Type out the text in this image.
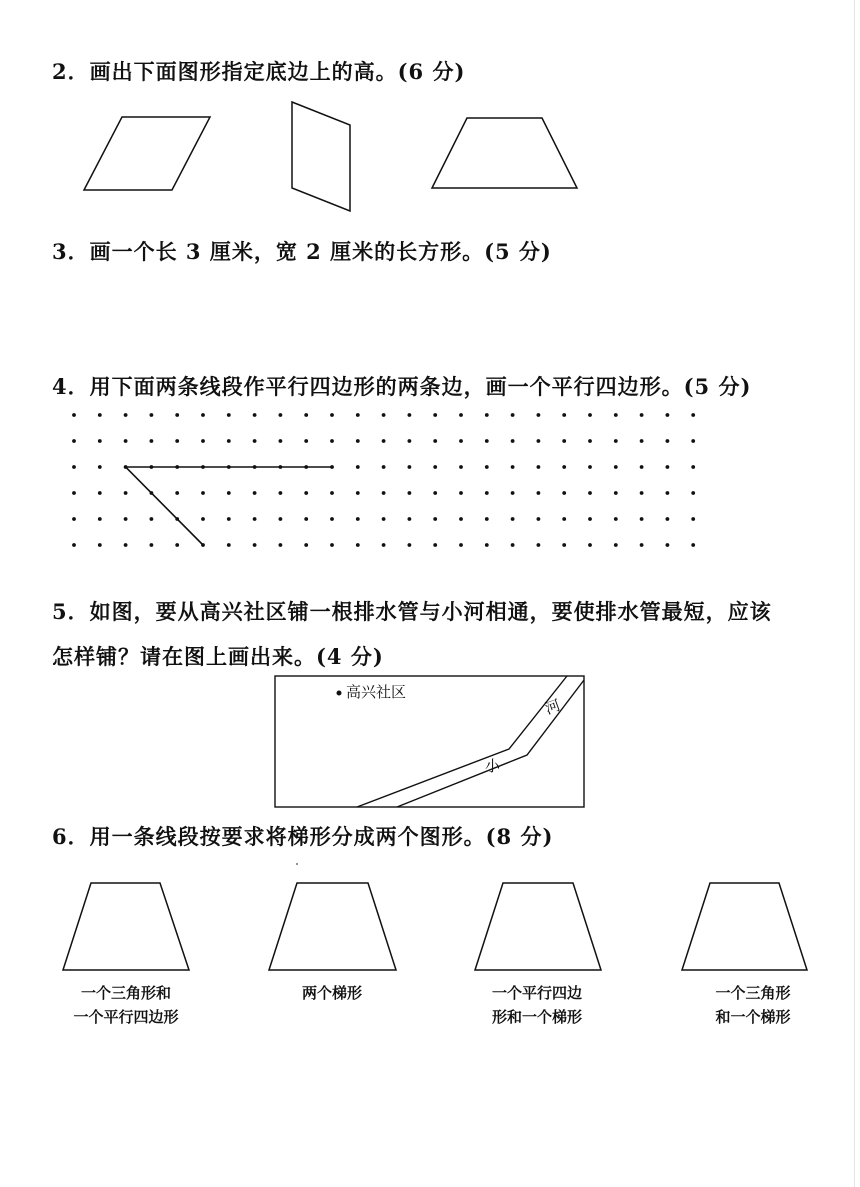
2．画出下面图形指定底边上的高。(6 分)
3．画一个长 3 厘米，宽 2 厘米的长方形。(5 分)
4．用下面两条线段作平行四边形的两条边，画一个平行四边形。(5 分)
5．如图，要从高兴社区铺一根排水管与小河相通，要使排水管最短，应该
怎样铺？请在图上画出来。(4 分)
高兴社区
河
小
6．用一条线段按要求将梯形分成两个图形。(8 分)
一个三角形和
一个平行四边形
两个梯形	一个平行四边
形和一个梯形
一个三角形
和一个梯形
